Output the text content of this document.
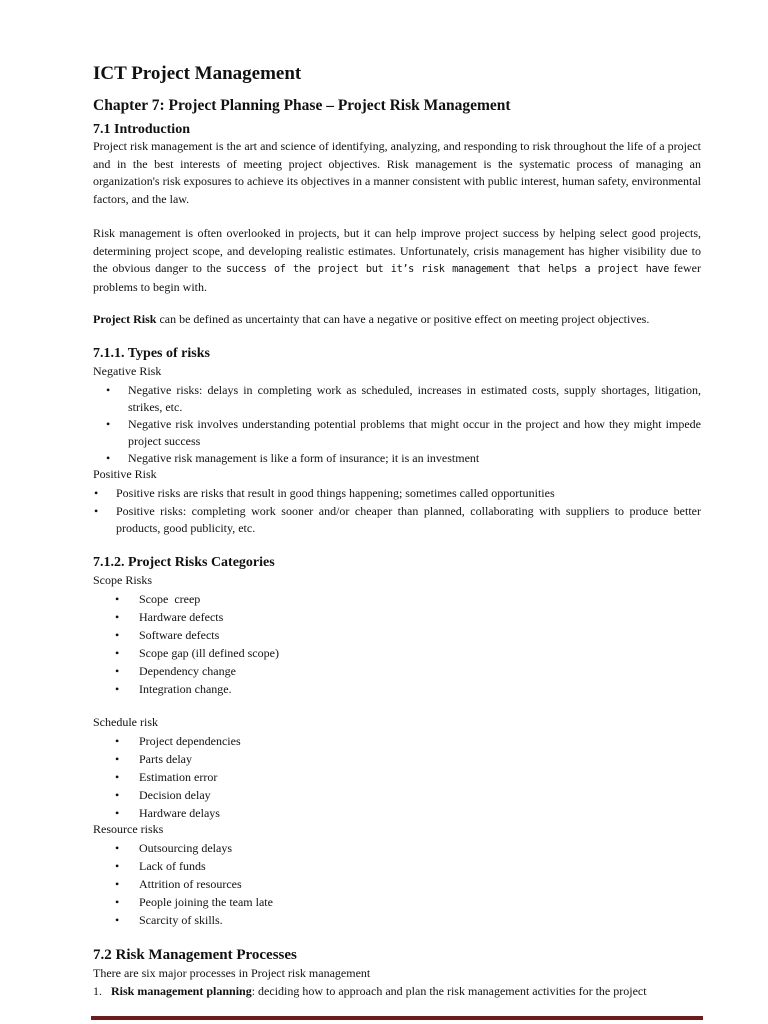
ICT Project Management
Chapter 7: Project Planning Phase – Project Risk Management
7.1 Introduction

Project risk management is the art and science of identifying, analyzing, and responding to risk throughout the life of a project and in the best interests of meeting project objectives. Risk management is the systematic process of managing an organization's risk exposures to achieve its objectives in a manner consistent with public interest, human safety, environmental factors, and the law.

Risk management is often overlooked in projects, but it can help improve project success by helping select good projects, determining project scope, and developing realistic estimates. Unfortunately, crisis management has higher visibility due to the obvious danger to the success of the project but it’s risk management that helps a project have fewer problems to begin with.

Project Risk can be defined as uncertainty that can have a negative or positive effect on meeting project objectives.

7.1.1. Types of risks
Negative Risk
• Negative risks: delays in completing work as scheduled, increases in estimated costs, supply shortages, litigation, strikes, etc.
• Negative risk involves understanding potential problems that might occur in the project and how they might impede project success
• Negative risk management is like a form of insurance; it is an investment
Positive Risk
• Positive risks are risks that result in good things happening; sometimes called opportunities
• Positive risks: completing work sooner and/or cheaper than planned, collaborating with suppliers to produce better products, good publicity, etc.
7.1.2. Project Risks Categories
Scope Risks
• Scope  creep
• Hardware defects
• Software defects
• Scope gap (ill defined scope)
• Dependency change
• Integration change.
Schedule risk
• Project dependencies
• Parts delay
• Estimation error
• Decision delay
• Hardware delays
Resource risks
• Outsourcing delays
• Lack of funds
• Attrition of resources
• People joining the team late
• Scarcity of skills.
7.2 Risk Management Processes
There are six major processes in Project risk management
1. Risk management planning: deciding how to approach and plan the risk management activities for the project
